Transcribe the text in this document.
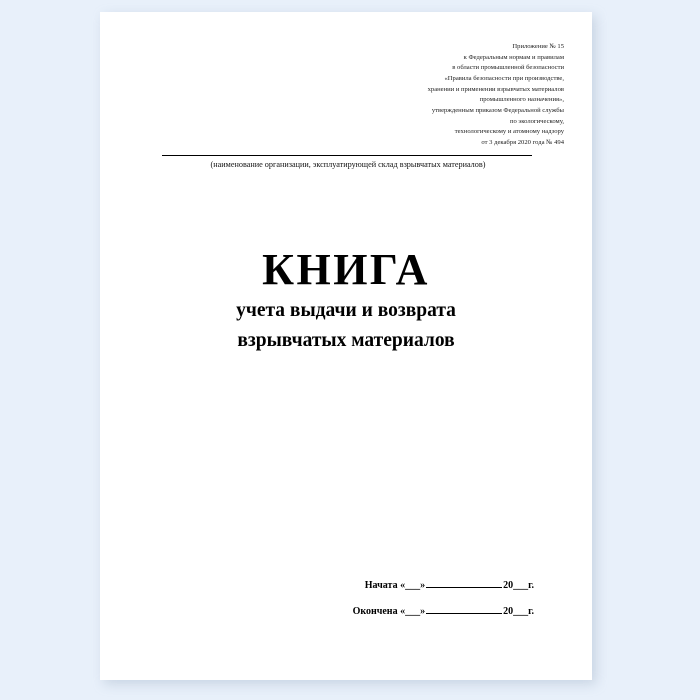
Приложение № 15
к Федеральным нормам и правилам
в области промышленной безопасности
«Правила безопасности при производстве,
хранении и применении взрывчатых материалов
промышленного назначения»,
утвержденным приказом Федеральной службы
по экологическому,
технологическому и атомному надзору
от 3 декабря 2020 года № 494
(наименование организации, эксплуатирующей склад взрывчатых материалов)
КНИГА
учета выдачи и возврата
взрывчатых материалов
Начата
«___»	20___г.
Окончена
«___»	20___г.
